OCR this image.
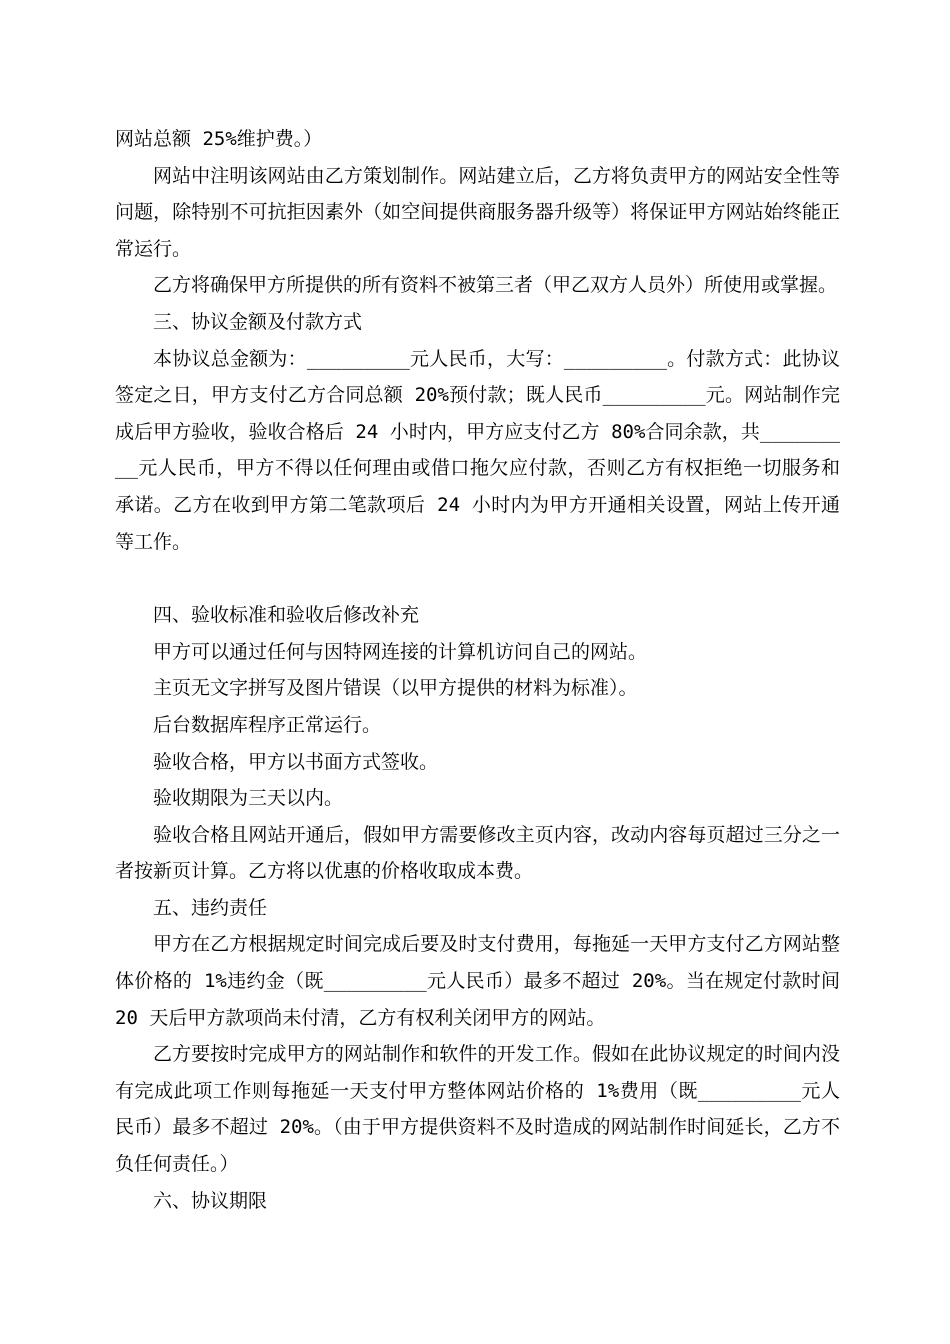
网站总额 25%维护费。）

网站中注明该网站由乙方策划制作。网站建立后，乙方将负责甲方的网站安全性等问题，除特别不可抗拒因素外（如空间提供商服务器升级等）将保证甲方网站始终能正常运行。

乙方将确保甲方所提供的所有资料不被第三者（甲乙双方人员外）所使用或掌握。

三、协议金额及付款方式

本协议总金额为：_________元人民币，大写：_________。付款方式：此协议签定之日，甲方支付乙方合同总额 20%预付款；既人民币_________元。网站制作完成后甲方验收，验收合格后 24 小时内，甲方应支付乙方 80%合同余款，共_________元人民币，甲方不得以任何理由或借口拖欠应付款，否则乙方有权拒绝一切服务和承诺。乙方在收到甲方第二笔款项后 24 小时内为甲方开通相关设置，网站上传开通等工作。

四、验收标准和验收后修改补充

甲方可以通过任何与因特网连接的计算机访问自己的网站。

主页无文字拼写及图片错误（以甲方提供的材料为标准）。

后台数据库程序正常运行。

验收合格，甲方以书面方式签收。

验收期限为三天以内。

验收合格且网站开通后，假如甲方需要修改主页内容，改动内容每页超过三分之一者按新页计算。乙方将以优惠的价格收取成本费。

五、违约责任

甲方在乙方根据规定时间完成后要及时支付费用，每拖延一天甲方支付乙方网站整体价格的 1%违约金（既_________元人民币）最多不超过 20%。当在规定付款时间 20 天后甲方款项尚未付清，乙方有权利关闭甲方的网站。

乙方要按时完成甲方的网站制作和软件的开发工作。假如在此协议规定的时间内没有完成此项工作则每拖延一天支付甲方整体网站价格的 1%费用（既_________元人民币）最多不超过 20%。（由于甲方提供资料不及时造成的网站制作时间延长，乙方不负任何责任。）

六、协议期限
